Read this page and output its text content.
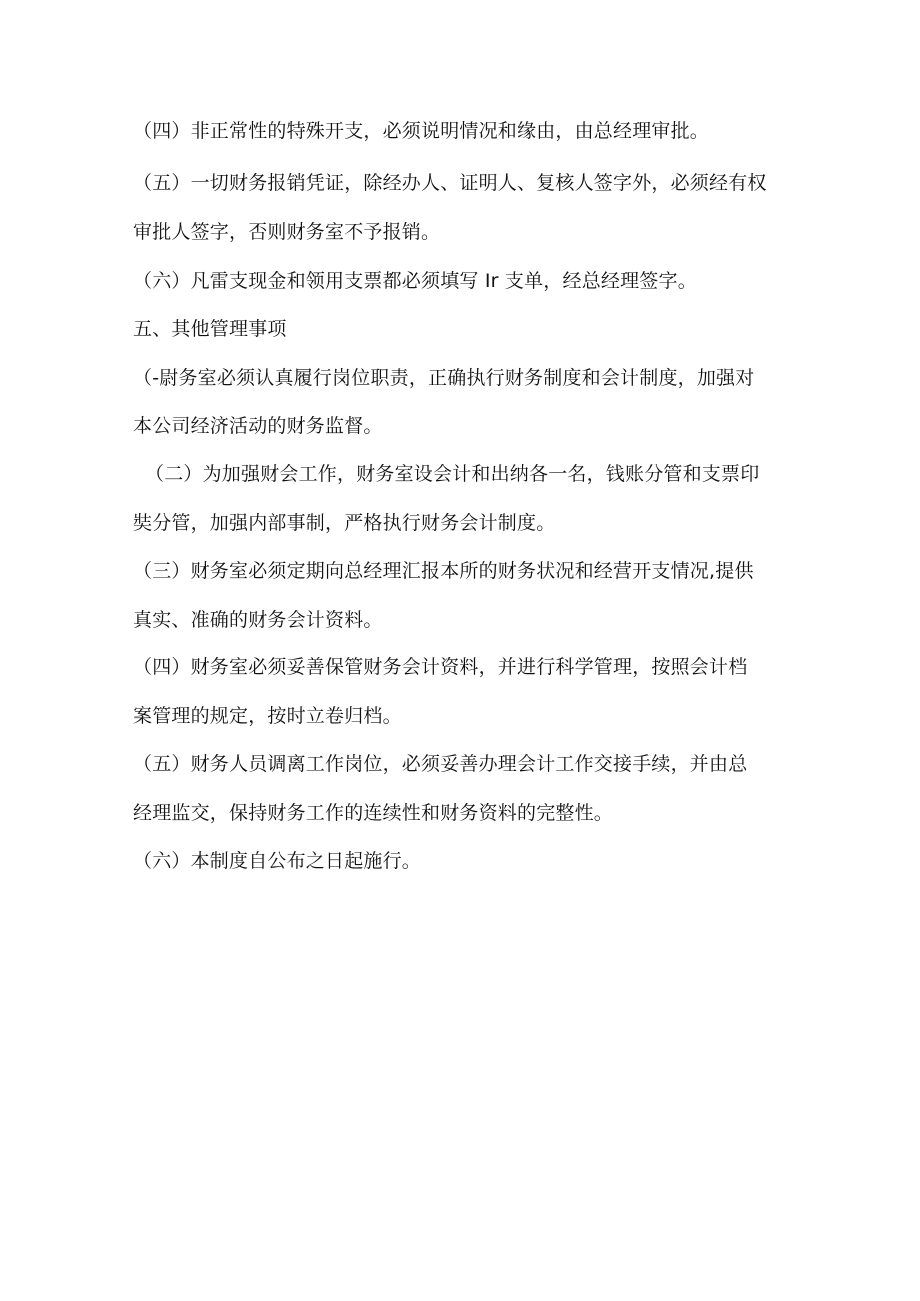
（四）非正常性的特殊开支，必须说明情况和缘由，由总经理审批。
（五）一切财务报销凭证，除经办人、证明人、复核人签字外，必须经有权
审批人签字，否则财务室不予报销。
（六）凡雷支现金和领用支票都必须填写 Ir 支单，经总经理签字。
五、其他管理事项
（-尉务室必须认真履行岗位职责，正确执行财务制度和会计制度，加强对
本公司经济活动的财务监督。
（二）为加强财会工作，财务室设会计和出纳各一名，钱账分管和支票印
奘分管，加强内部事制，严格执行财务会计制度。
（三）财务室必须定期向总经理汇报本所的财务状况和经营开支情况,提供
真实、准确的财务会计资料。
（四）财务室必须妥善保管财务会计资料，并进行科学管理，按照会计档
案管理的规定，按时立卷归档。
（五）财务人员调离工作岗位，必须妥善办理会计工作交接手续，并由总
经理监交，保持财务工作的连续性和财务资料的完整性。
（六）本制度自公布之日起施行。
